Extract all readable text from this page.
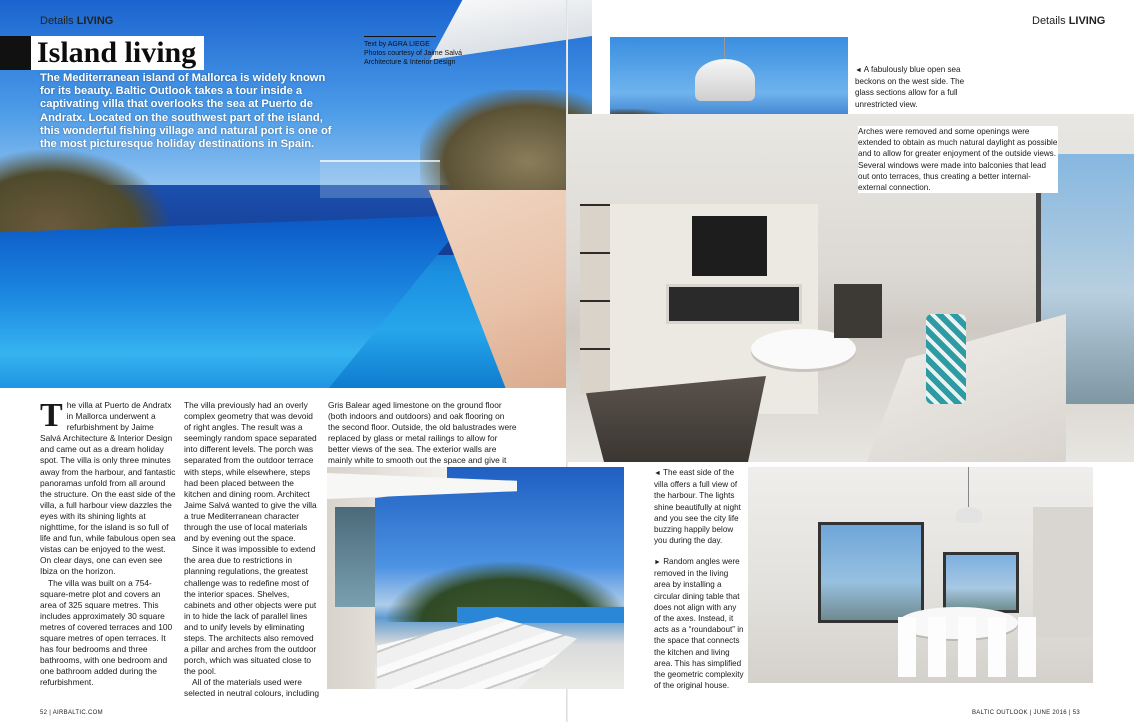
Details LIVING
Island living	Text by AGRA LIEGE
Photos courtesy of Jaime Salvá
Architecture & Interior Design
The Mediterranean island of Mallorca is widely known for its beauty. Baltic Outlook takes a tour inside a captivating villa that overlooks the sea at Puerto de Andratx. Located on the southwest part of the island, this wonderful fishing village and natural port is one of the most picturesque holiday destinations in Spain.

The villa at Puerto de Andratx in Mallorca underwent a refurbishment by Jaime Salvá Architecture & Interior Design and came out as a dream holiday spot. The villa is only three minutes away from the harbour, and fantastic panoramas unfold from all around the structure. On the east side of the villa, a full harbour view dazzles the eyes with its shining lights at nighttime, for the island is so full of life and fun, while fabulous open sea vistas can be enjoyed to the west. On clear days, one can even see Ibiza on the horizon.

The villa was built on a 754-square-metre plot and covers an area of 325 square metres. This includes approximately 30 square metres of covered terraces and 100 square metres of open terraces. It has four bedrooms and three bathrooms, with one bedroom and one bathroom added during the refurbishment.

The villa previously had an overly complex geometry that was devoid of right angles. The result was a seemingly random space separated into different levels. The porch was separated from the outdoor terrace with steps, while elsewhere, steps had been placed between the kitchen and dining room. Architect Jaime Salvá wanted to give the villa a true Mediterranean character through the use of local materials and by evening out the space.

Since it was impossible to extend the area due to restrictions in planning regulations, the greatest challenge was to redefine most of the interior spaces. Shelves, cabinets and other objects were put in to hide the lack of parallel lines and to unify levels by eliminating steps. The architects also removed a pillar and arches from the outdoor porch, which was situated close to the pool.

All of the materials used were selected in neutral colours, including

Gris Balear aged limestone on the ground floor (both indoors and outdoors) and oak flooring on the second floor. Outside, the old balustrades were replaced by glass or metal railings to allow for better views of the sea. The exterior walls are mainly white to smooth out the space and give it

52 | AIRBALTIC.COM
Details LIVING
◄ A fabulously blue open sea beckons on the west side. The glass sections allow for a full unrestricted view.
Arches were removed and some openings were extended to obtain as much natural daylight as possible and to allow for greater enjoyment of the outside views. Several windows were made into balconies that lead out onto terraces, thus creating a better internal-external connection.
◄ The east side of the villa offers a full view of the harbour. The lights shine beautifully at night and you see the city life buzzing happily below you during the day.
► Random angles were removed in the living area by installing a circular dining table that does not align with any of the axes. Instead, it acts as a “roundabout” in the space that connects the kitchen and living area. This has simplified the geometric complexity of the original house.
BALTIC OUTLOOK | JUNE 2016 | 53
